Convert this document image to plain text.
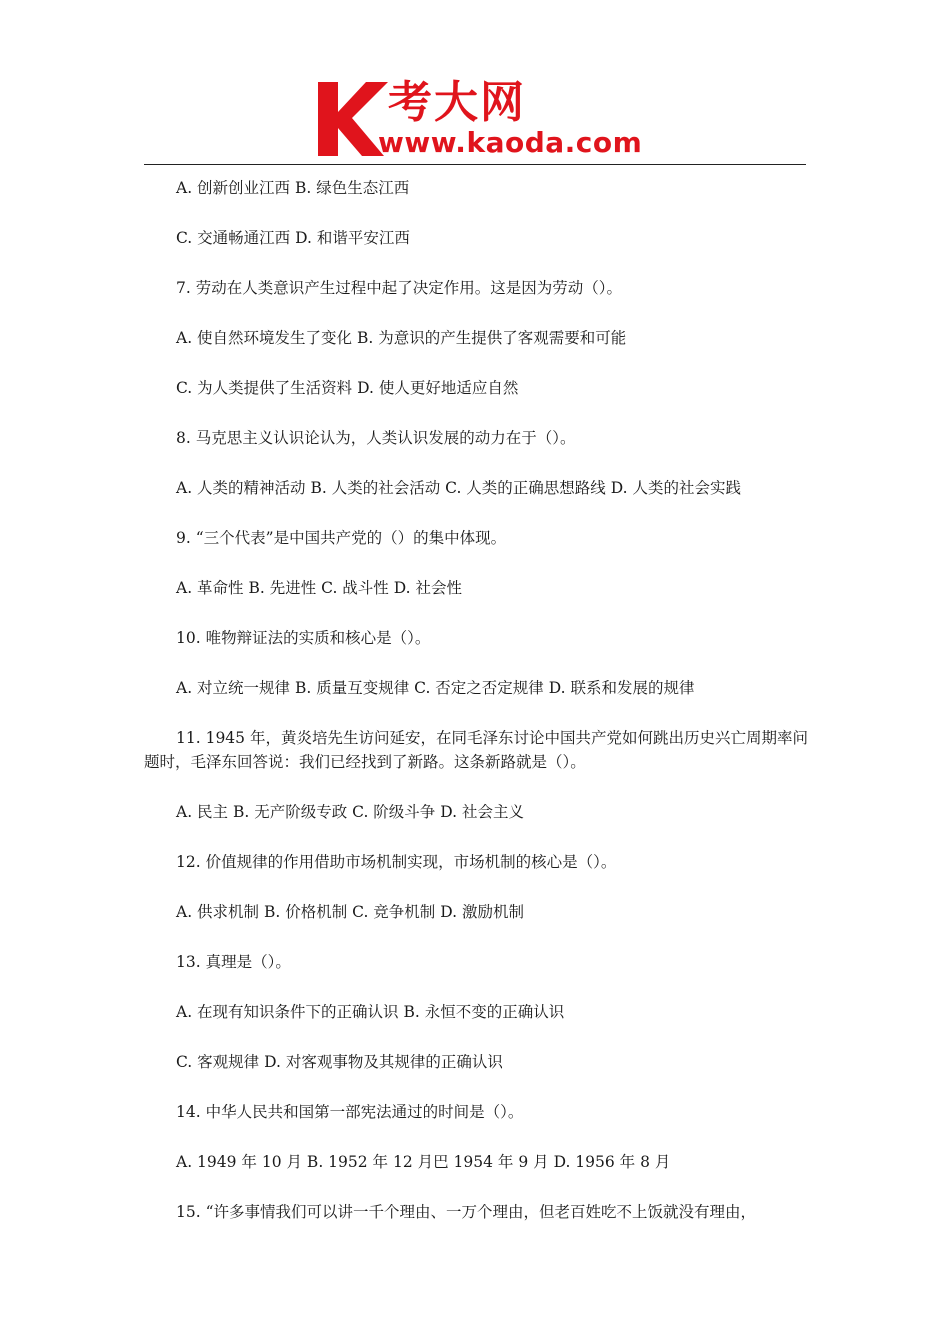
考大网
www.kaoda.com

A. 创新创业江西 B. 绿色生态江西

C. 交通畅通江西 D. 和谐平安江西

7. 劳动在人类意识产生过程中起了决定作用。这是因为劳动（）。

A. 使自然环境发生了变化 B. 为意识的产生提供了客观需要和可能

C. 为人类提供了生活资料 D. 使人更好地适应自然

8. 马克思主义认识论认为，人类认识发展的动力在于（）。

A. 人类的精神活动 B. 人类的社会活动 C. 人类的正确思想路线 D. 人类的社会实践

9. “三个代表”是中国共产党的（）的集中体现。

A. 革命性 B. 先进性 C. 战斗性 D. 社会性

10. 唯物辩证法的实质和核心是（）。

A. 对立统一规律 B. 质量互变规律 C. 否定之否定规律 D. 联系和发展的规律

11. 1945 年，黄炎培先生访问延安，在同毛泽东讨论中国共产党如何跳出历史兴亡周期率问题时，毛泽东回答说：我们已经找到了新路。这条新路就是（）。

A. 民主 B. 无产阶级专政 C. 阶级斗争 D. 社会主义

12. 价值规律的作用借助市场机制实现，市场机制的核心是（）。

A. 供求机制 B. 价格机制 C. 竞争机制 D. 激励机制

13. 真理是（）。

A. 在现有知识条件下的正确认识 B. 永恒不变的正确认识

C. 客观规律 D. 对客观事物及其规律的正确认识

14. 中华人民共和国第一部宪法通过的时间是（）。

A. 1949 年 10 月 B. 1952 年 12 月巴 1954 年 9 月 D. 1956 年 8 月

15. “许多事情我们可以讲一千个理由、一万个理由，但老百姓吃不上饭就没有理由，
